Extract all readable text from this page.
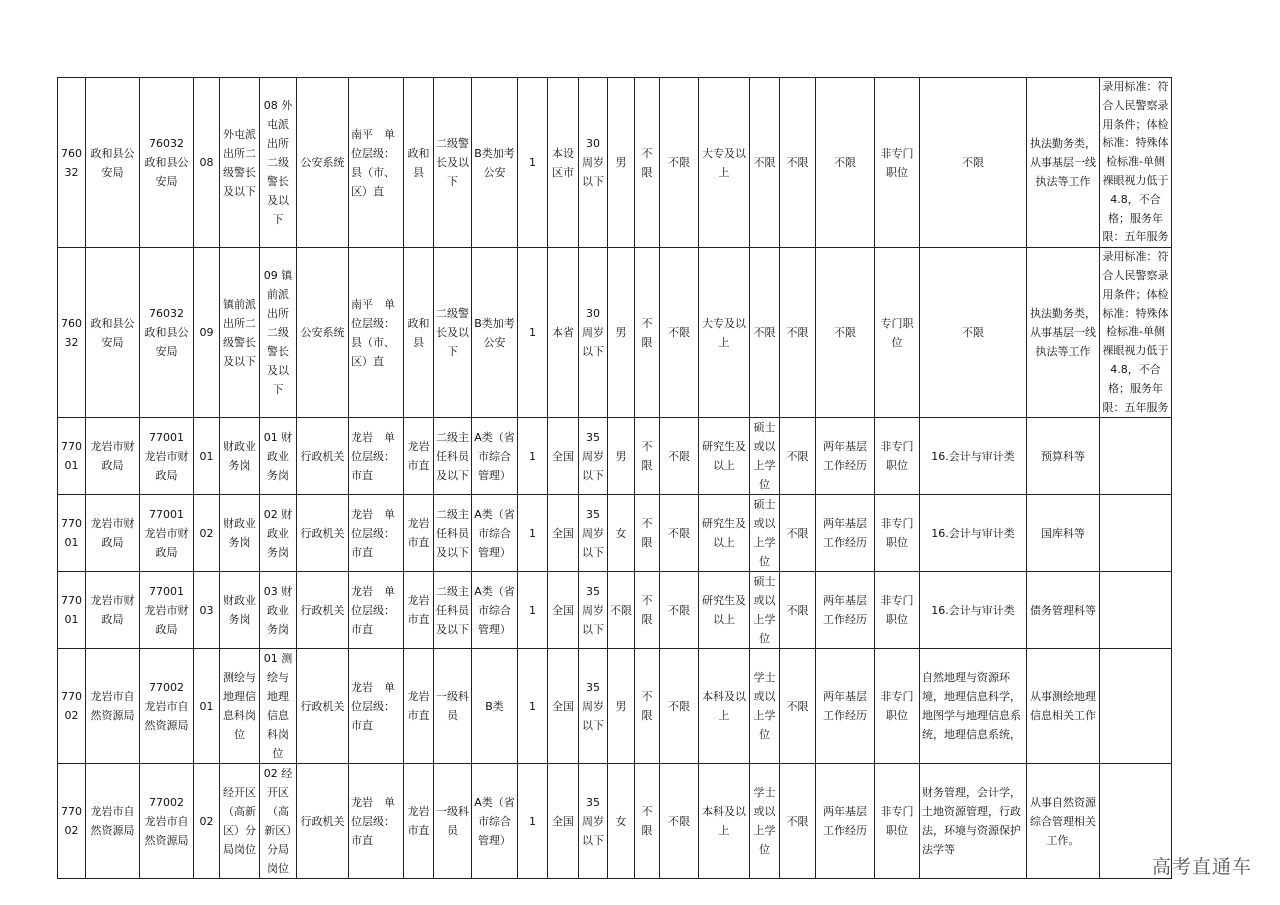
76032	政和县公安局	76032 政和县公安局	08	外屯派出所二级警长及以下	08 外屯派出所二级警长及以下	公安系统	南平　单位层级：县（市、区）直	政和县	二级警长及以下	B类加考公安	1	本设区市	30周岁以下	男	不限	不限	大专及以上	不限	不限	不限	非专门职位	不限	执法勤务类，从事基层一线执法等工作	录用标准：符合人民警察录用条件；体检标准：特殊体检标准-单侧裸眼视力低于4.8，不合格；服务年限：五年服务
76032	政和县公安局	76032 政和县公安局	09	镇前派出所二级警长及以下	09 镇前派出所二级警长及以下	公安系统	南平　单位层级：县（市、区）直	政和县	二级警长及以下	B类加考公安	1	本省	30周岁以下	男	不限	不限	大专及以上	不限	不限	不限	专门职位	不限	执法勤务类，从事基层一线执法等工作	录用标准：符合人民警察录用条件；体检标准：特殊体检标准-单侧裸眼视力低于4.8，不合格；服务年限：五年服务
77001	龙岩市财政局	77001 龙岩市财政局	01	财政业务岗	01 财政业务岗	行政机关	龙岩　单位层级：市直	龙岩市直	二级主任科员及以下	A类（省市综合管理）	1	全国	35周岁以下	男	不限	不限	研究生及以上	硕士或以上学位	不限	两年基层工作经历	非专门职位	16.会计与审计类	预算科等	
77001	龙岩市财政局	77001 龙岩市财政局	02	财政业务岗	02 财政业务岗	行政机关	龙岩　单位层级：市直	龙岩市直	二级主任科员及以下	A类（省市综合管理）	1	全国	35周岁以下	女	不限	不限	研究生及以上	硕士或以上学位	不限	两年基层工作经历	非专门职位	16.会计与审计类	国库科等	
77001	龙岩市财政局	77001 龙岩市财政局	03	财政业务岗	03 财政业务岗	行政机关	龙岩　单位层级：市直	龙岩市直	二级主任科员及以下	A类（省市综合管理）	1	全国	35周岁以下	不限	不限	不限	研究生及以上	硕士或以上学位	不限	两年基层工作经历	非专门职位	16.会计与审计类	债务管理科等	
77002	龙岩市自然资源局	77002 龙岩市自然资源局	01	测绘与地理信息科岗位	01 测绘与地理信息科岗位	行政机关	龙岩　单位层级：市直	龙岩市直	一级科员	B类	1	全国	35周岁以下	男	不限	不限	本科及以上	学士或以上学位	不限	两年基层工作经历	非专门职位	自然地理与资源环境，地理信息科学，地图学与地理信息系统，地理信息系统，	从事测绘地理信息相关工作	
77002	龙岩市自然资源局	77002 龙岩市自然资源局	02	经开区（高新区）分局岗位	02 经开区（高新区）分局岗位	行政机关	龙岩　单位层级：市直	龙岩市直	一级科员	A类（省市综合管理）	1	全国	35周岁以下	女	不限	不限	本科及以上	学士或以上学位	不限	两年基层工作经历	非专门职位	财务管理，会计学，土地资源管理，行政法，环境与资源保护法学等	从事自然资源综合管理相关工作。	
高考直通车
